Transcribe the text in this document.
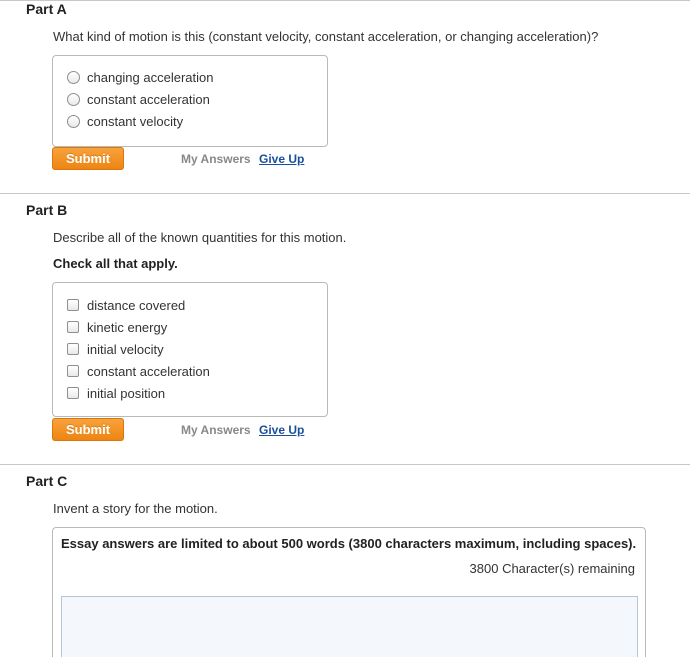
Part A
What kind of motion is this (constant velocity, constant acceleration, or changing acceleration)?
changing acceleration
constant acceleration
constant velocity
Submit	My Answers Give Up
Part B
Describe all of the known quantities for this motion.
Check all that apply.
distance covered
kinetic energy
initial velocity
constant acceleration
initial position
Submit	My Answers Give Up
Part C
Invent a story for the motion.
Essay answers are limited to about 500 words (3800 characters maximum, including spaces).
3800 Character(s) remaining
